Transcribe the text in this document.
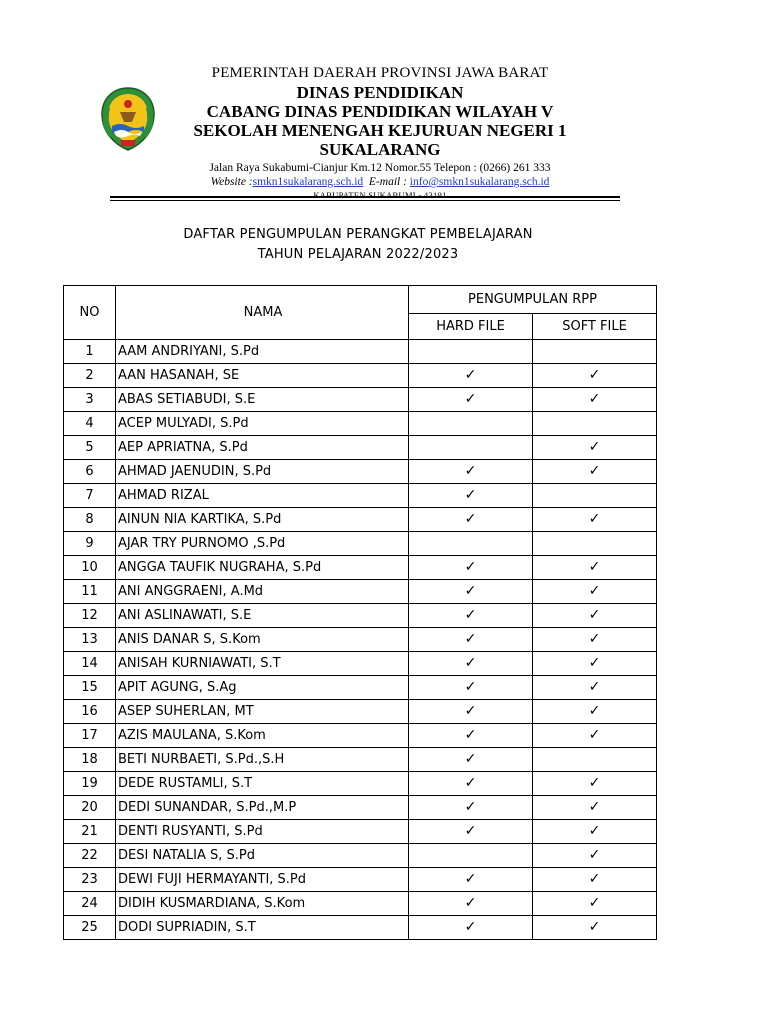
PEMERINTAH DAERAH PROVINSI JAWA BARAT
DINAS PENDIDIKAN
CABANG DINAS PENDIDIKAN WILAYAH V
SEKOLAH MENENGAH KEJURUAN NEGERI 1
SUKALARANG
Jalan Raya Sukabumi-Cianjur Km.12 Nomor.55 Telepon : (0266) 261 333
Website :smkn1sukalarang.sch.id E-mail : info@smkn1sukalarang.sch.id
KABUPATEN SUKABUMI - 43191
DAFTAR PENGUMPULAN PERANGKAT PEMBELAJARAN
TAHUN PELAJARAN 2022/2023
NO	NAMA	PENGUMPULAN RPP	
		HARD FILE	SOFT FILE
1	AAM ANDRIYANI, S.Pd		
2	AAN HASANAH, SE	✓	✓
3	ABAS SETIABUDI, S.E	✓	✓
4	ACEP MULYADI, S.Pd		
5	AEP APRIATNA, S.Pd		✓
6	AHMAD JAENUDIN, S.Pd	✓	✓
7	AHMAD RIZAL	✓	
8	AINUN NIA KARTIKA, S.Pd	✓	✓
9	AJAR TRY PURNOMO ,S.Pd		
10	ANGGA TAUFIK NUGRAHA, S.Pd	✓	✓
11	ANI ANGGRAENI, A.Md	✓	✓
12	ANI ASLINAWATI, S.E	✓	✓
13	ANIS DANAR S, S.Kom	✓	✓
14	ANISAH KURNIAWATI, S.T	✓	✓
15	APIT AGUNG, S.Ag	✓	✓
16	ASEP SUHERLAN, MT	✓	✓
17	AZIS MAULANA, S.Kom	✓	✓
18	BETI NURBAETI, S.Pd.,S.H	✓	
19	DEDE RUSTAMLI, S.T	✓	✓
20	DEDI SUNANDAR, S.Pd.,M.P	✓	✓
21	DENTI RUSYANTI, S.Pd	✓	✓
22	DESI NATALIA S, S.Pd		✓
23	DEWI FUJI HERMAYANTI, S.Pd	✓	✓
24	DIDIH KUSMARDIANA, S.Kom	✓	✓
25	DODI SUPRIADIN, S.T	✓	✓
